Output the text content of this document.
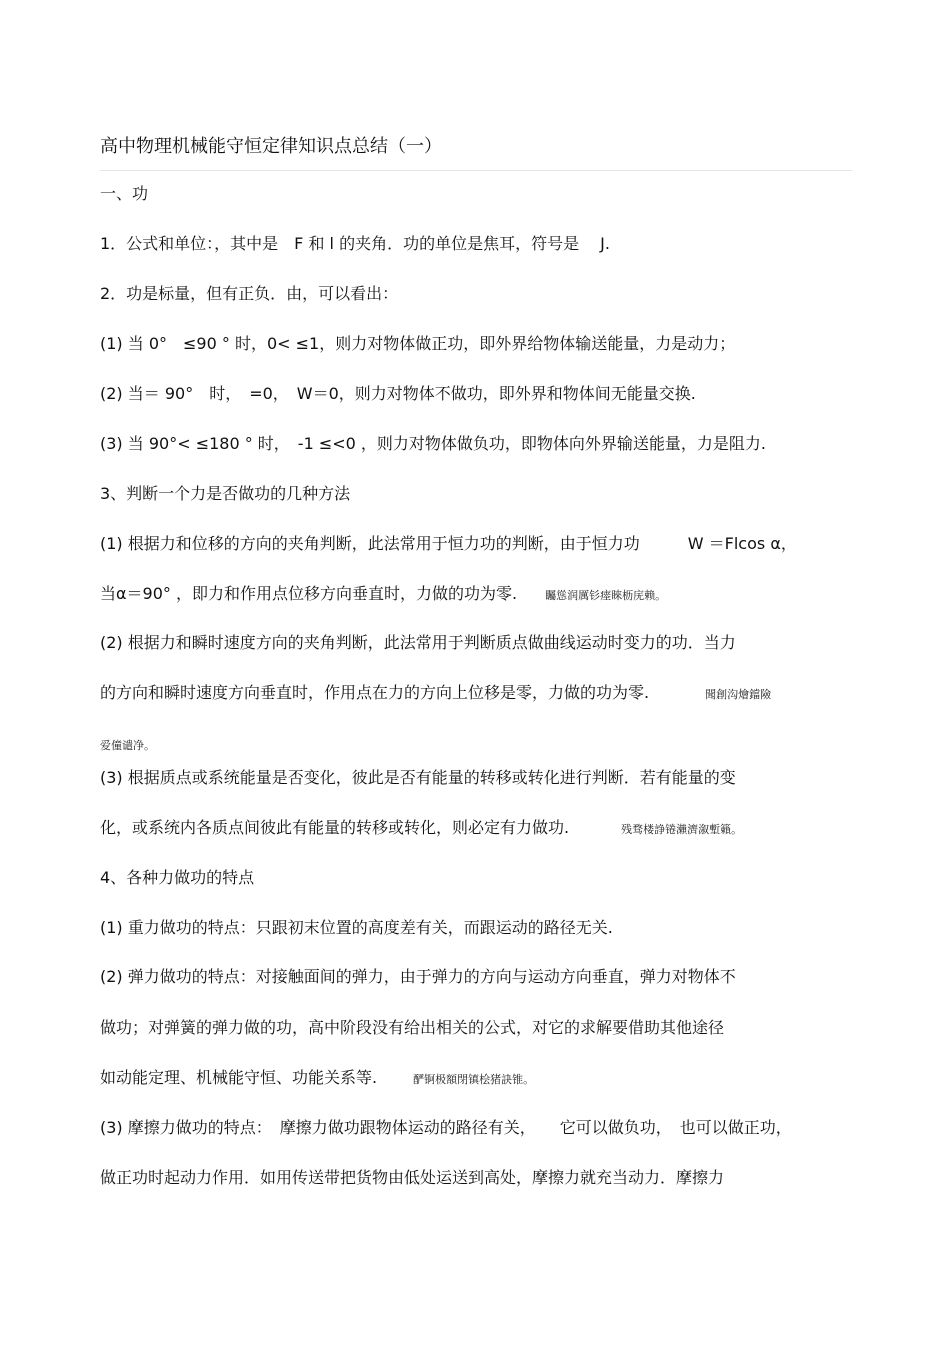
高中物理机械能守恒定律知识点总结（一）
一、功
1．公式和单位：，其中是　F 和 l 的夹角．功的单位是焦耳，符号是　 J.
2．功是标量，但有正负．由，可以看出：
(1) 当 0°　≤90 ° 时，0< ≤1，则力对物体做正功，即外界给物体输送能量，力是动力；
(2) 当＝ 90°　时，　=0，　W＝0，则力对物体不做功，即外界和物体间无能量交换.
(3) 当 90°< ≤180 ° 时，　-1 ≤<0 ，则力对物体做负功，即物体向外界输送能量，力是阻力.
3、判断一个力是否做功的几种方法
(1) 根据力和位移的方向的夹角判断，此法常用于恒力功的判断，由于恒力功　　　W ＝Flcos α，
当α＝90° ，即力和作用点位移方向垂直时，力做的功为零.	矚慫润厲钐瘗睞枥庑赖。
(2) 根据力和瞬时速度方向的夹角判断，此法常用于判断质点做曲线运动时变力的功．当力
的方向和瞬时速度方向垂直时，作用点在力的方向上位移是零，力做的功为零.	聞創沟燴鐺險
爱僮谴净。
(3) 根据质点或系统能量是否变化，彼此是否有能量的转移或转化进行判断．若有能量的变
化，或系统内各质点间彼此有能量的转移或转化，则必定有力做功.	残骛楼諍锩瀨濟溆塹籟。
4、各种力做功的特点
(1) 重力做功的特点：只跟初末位置的高度差有关，而跟运动的路径无关.
(2) 弹力做功的特点：对接触面间的弹力，由于弹力的方向与运动方向垂直，弹力对物体不
做功；对弹簧的弹力做的功，高中阶段没有给出相关的公式，对它的求解要借助其他途径
如动能定理、机械能守恒、功能关系等.	酽锕极額閉镇桧猪訣锥。
(3) 摩擦力做功的特点：　摩擦力做功跟物体运动的路径有关，　　它可以做负功，　也可以做正功，
做正功时起动力作用．如用传送带把货物由低处运送到高处，摩擦力就充当动力．摩擦力
